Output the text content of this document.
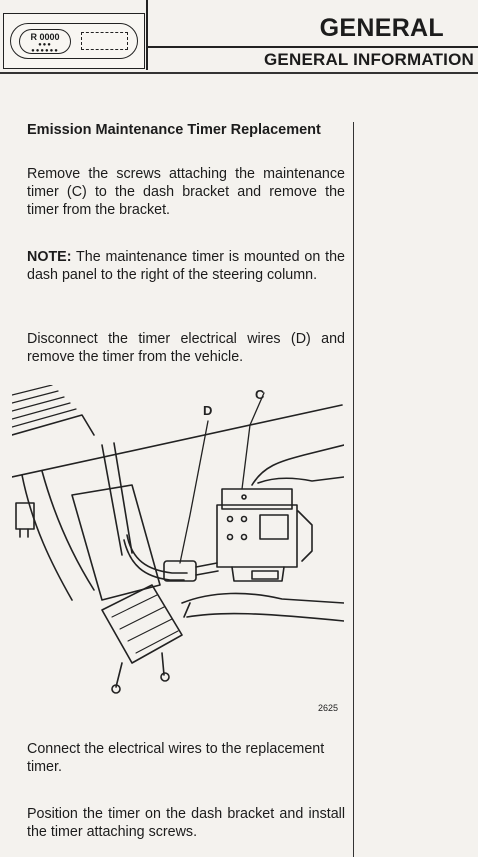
R 0000
●●●
●●●●●●
GENERAL
GENERAL INFORMATION
Emission Maintenance Timer Replacement
Remove the screws attaching the maintenance timer (C) to the dash bracket and remove the timer from the bracket.
NOTE: The maintenance timer is mounted on the dash panel to the right of the steering column.
Disconnect the timer electrical wires (D) and remove the timer from the vehicle.
C
D
2625
Connect the electrical wires to the replacement timer.
Position the timer on the dash bracket and install the timer attaching screws.
